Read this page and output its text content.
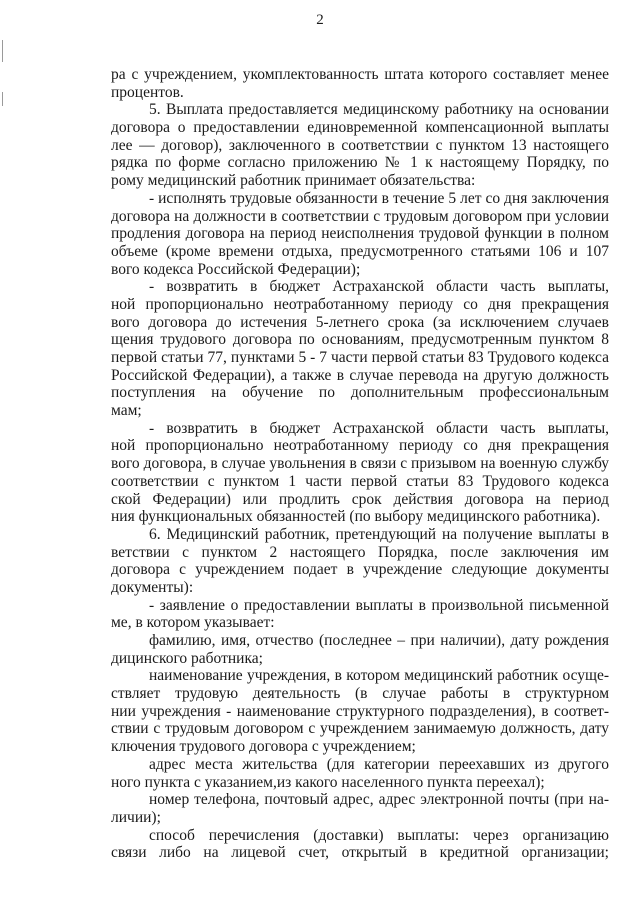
2
ра с учреждением, укомплектованность штата которого составляет менее
процентов.
5. Выплата предоставляется медицинскому работнику на основании
договора о предоставлении единовременной компенсационной выплаты
лее — договор), заключенного в соответствии с пунктом 13 настоящего
рядка по форме согласно приложению № 1 к настоящему Порядку, по
рому медицинский работник принимает обязательства:
- исполнять трудовые обязанности в течение 5 лет со дня заключения
договора на должности в соответствии с трудовым договором при условии
продления договора на период неисполнения трудовой функции в полном
объеме (кроме времени отдыха, предусмотренного статьями 106 и 107
вого кодекса Российской Федерации);
- возвратить в бюджет Астраханской области часть выплаты,
ной пропорционально неотработанному периоду со дня прекращения
вого договора до истечения 5-летнего срока (за исключением случаев
щения трудового договора по основаниям, предусмотренным пунктом 8
первой статьи 77, пунктами 5 - 7 части первой статьи 83 Трудового кодекса
Российской Федерации), а также в случае перевода на другую должность
поступления на обучение по дополнительным профессиональным
мам;
- возвратить в бюджет Астраханской области часть выплаты,
ной пропорционально неотработанному периоду со дня прекращения
вого договора, в случае увольнения в связи с призывом на военную службу
соответствии с пунктом 1 части первой статьи 83 Трудового кодекса
ской Федерации) или продлить срок действия договора на период
ния функциональных обязанностей (по выбору медицинского работника).
6. Медицинский работник, претендующий на получение выплаты в
ветствии с пунктом 2 настоящего Порядка, после заключения им
договора с учреждением подает в учреждение следующие документы
документы):
- заявление о предоставлении выплаты в произвольной письменной
ме, в котором указывает:
фамилию, имя, отчество (последнее – при наличии), дату рождения
дицинского работника;
наименование учреждения, в котором медицинский работник осуще-
ствляет трудовую деятельность (в случае работы в структурном
нии учреждения - наименование структурного подразделения), в соответ-
ствии с трудовым договором с учреждением занимаемую должность, дату
ключения трудового договора с учреждением;
адрес места жительства (для категории переехавших из другого
ного пункта с указанием,из какого населенного пункта переехал);
номер телефона, почтовый адрес, адрес электронной почты (при на-
личии);
способ перечисления (доставки) выплаты: через организацию
связи либо на лицевой счет, открытый в кредитной организации;
